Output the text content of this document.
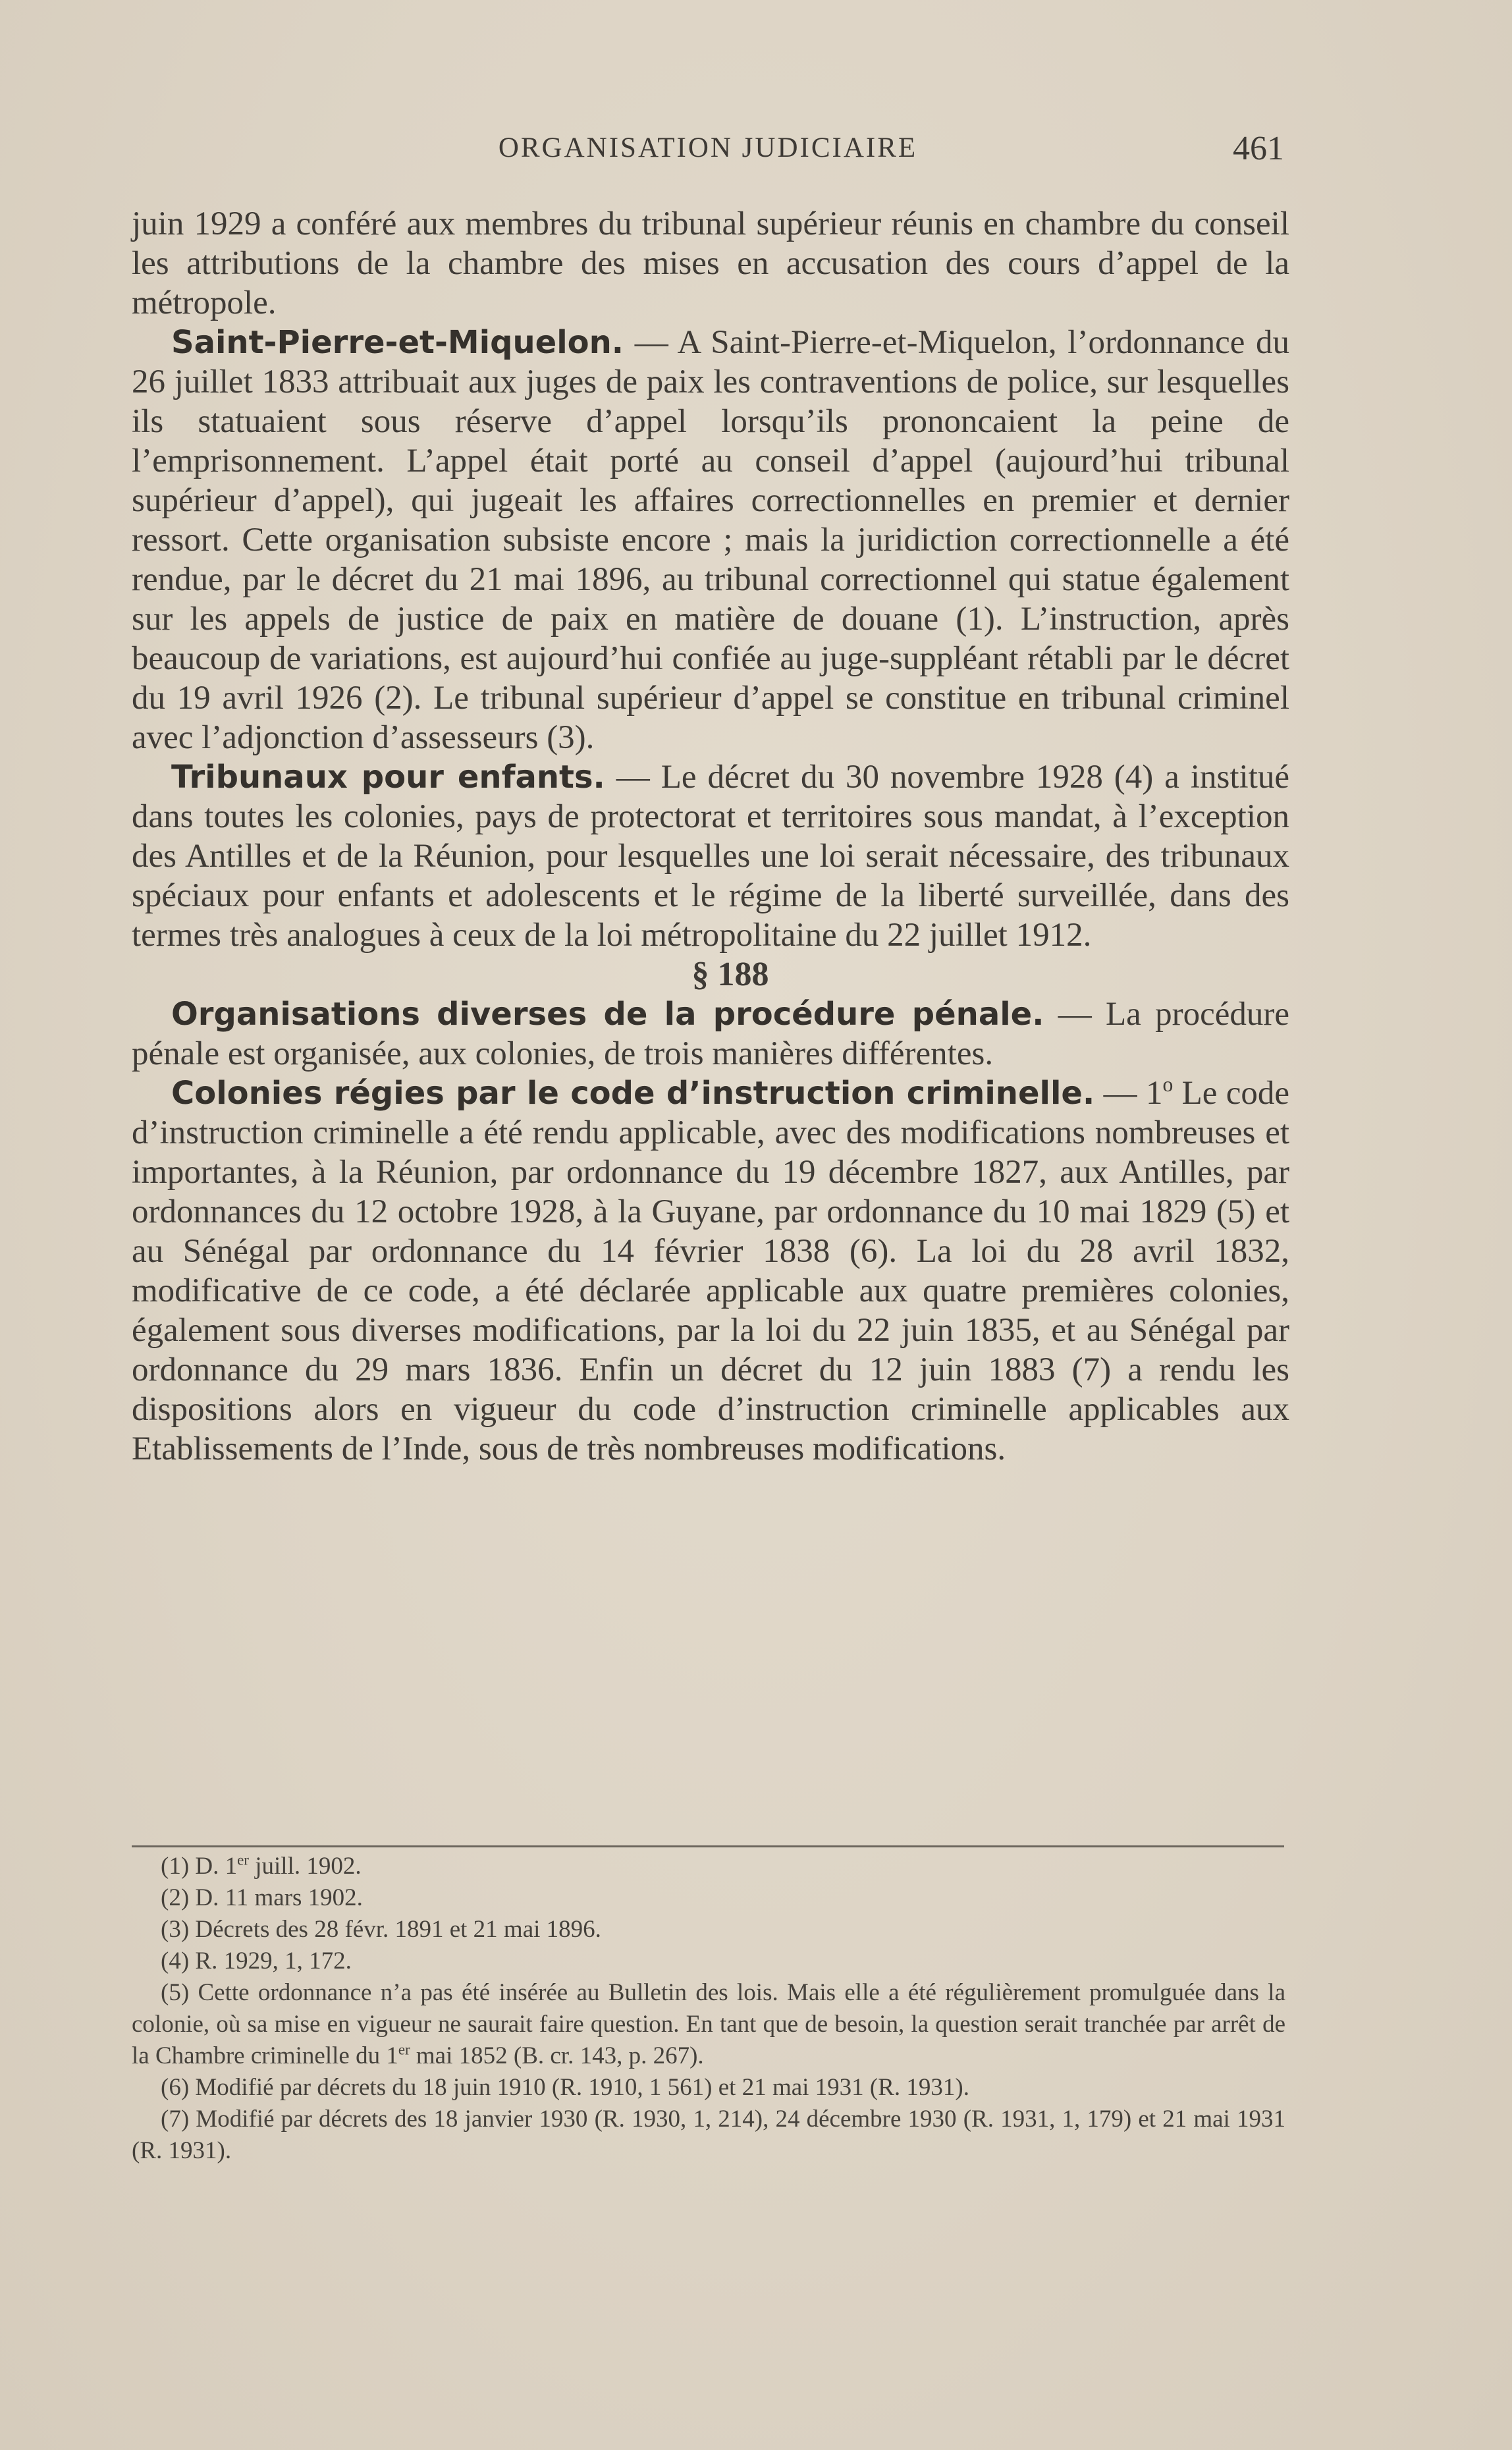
ORGANISATION JUDICIAIRE	461

juin 1929 a conféré aux membres du tribunal supérieur réunis en chambre du conseil les attributions de la chambre des mises en accusation des cours d’appel de la métropole.

Saint-Pierre-et-Miquelon. — A Saint-Pierre-et-Miquelon, l’ordonnance du 26 juillet 1833 attribuait aux juges de paix les contraventions de police, sur lesquelles ils statuaient sous réserve d’appel lorsqu’ils prononcaient la peine de l’emprisonnement. L’appel était porté au conseil d’appel (aujourd’hui tribunal supérieur d’appel), qui jugeait les affaires correctionnelles en premier et dernier ressort. Cette organisation subsiste encore ; mais la juridiction correctionnelle a été rendue, par le décret du 21 mai 1896, au tribunal correctionnel qui statue également sur les appels de justice de paix en matière de douane (1). L’instruction, après beaucoup de variations, est aujourd’hui confiée au juge-suppléant rétabli par le décret du 19 avril 1926 (2). Le tribunal supérieur d’appel se constitue en tribunal criminel avec l’adjonction d’assesseurs (3).

Tribunaux pour enfants. — Le décret du 30 novembre 1928 (4) a institué dans toutes les colonies, pays de protectorat et territoires sous mandat, à l’exception des Antilles et de la Réunion, pour lesquelles une loi serait nécessaire, des tribunaux spéciaux pour enfants et adolescents et le régime de la liberté surveillée, dans des termes très analogues à ceux de la loi métropolitaine du 22 juillet 1912.

§ 188

Organisations diverses de la procédure pénale. — La procédure pénale est organisée, aux colonies, de trois manières différentes.

Colonies régies par le code d’instruction criminelle. — 1$^o$ Le code d’instruction criminelle a été rendu applicable, avec des modifications nombreuses et importantes, à la Réunion, par ordonnance du 19 décembre 1827, aux Antilles, par ordonnances du 12 octobre 1928, à la Guyane, par ordonnance du 10 mai 1829 (5) et au Sénégal par ordonnance du 14 février 1838 (6). La loi du 28 avril 1832, modificative de ce code, a été déclarée applicable aux quatre premières colonies, également sous diverses modifications, par la loi du 22 juin 1835, et au Sénégal par ordonnance du 29 mars 1836. Enfin un décret du 12 juin 1883 (7) a rendu les dispositions alors en vigueur du code d’instruction criminelle applicables aux Etablissements de l’Inde, sous de très nombreuses modifications.

(1) D. 1er juill. 1902.

(2) D. 11 mars 1902.

(3) Décrets des 28 févr. 1891 et 21 mai 1896.

(4) R. 1929, 1, 172.

(5) Cette ordonnance n’a pas été insérée au Bulletin des lois. Mais elle a été régulièrement promulguée dans la colonie, où sa mise en vigueur ne saurait faire question. En tant que de besoin, la question serait tranchée par arrêt de la Chambre criminelle du 1er mai 1852 (B. cr. 143, p. 267).

(6) Modifié par décrets du 18 juin 1910 (R. 1910, 1 561) et 21 mai 1931 (R. 1931).

(7) Modifié par décrets des 18 janvier 1930 (R. 1930, 1, 214), 24 décembre 1930 (R. 1931, 1, 179) et 21 mai 1931 (R. 1931).
